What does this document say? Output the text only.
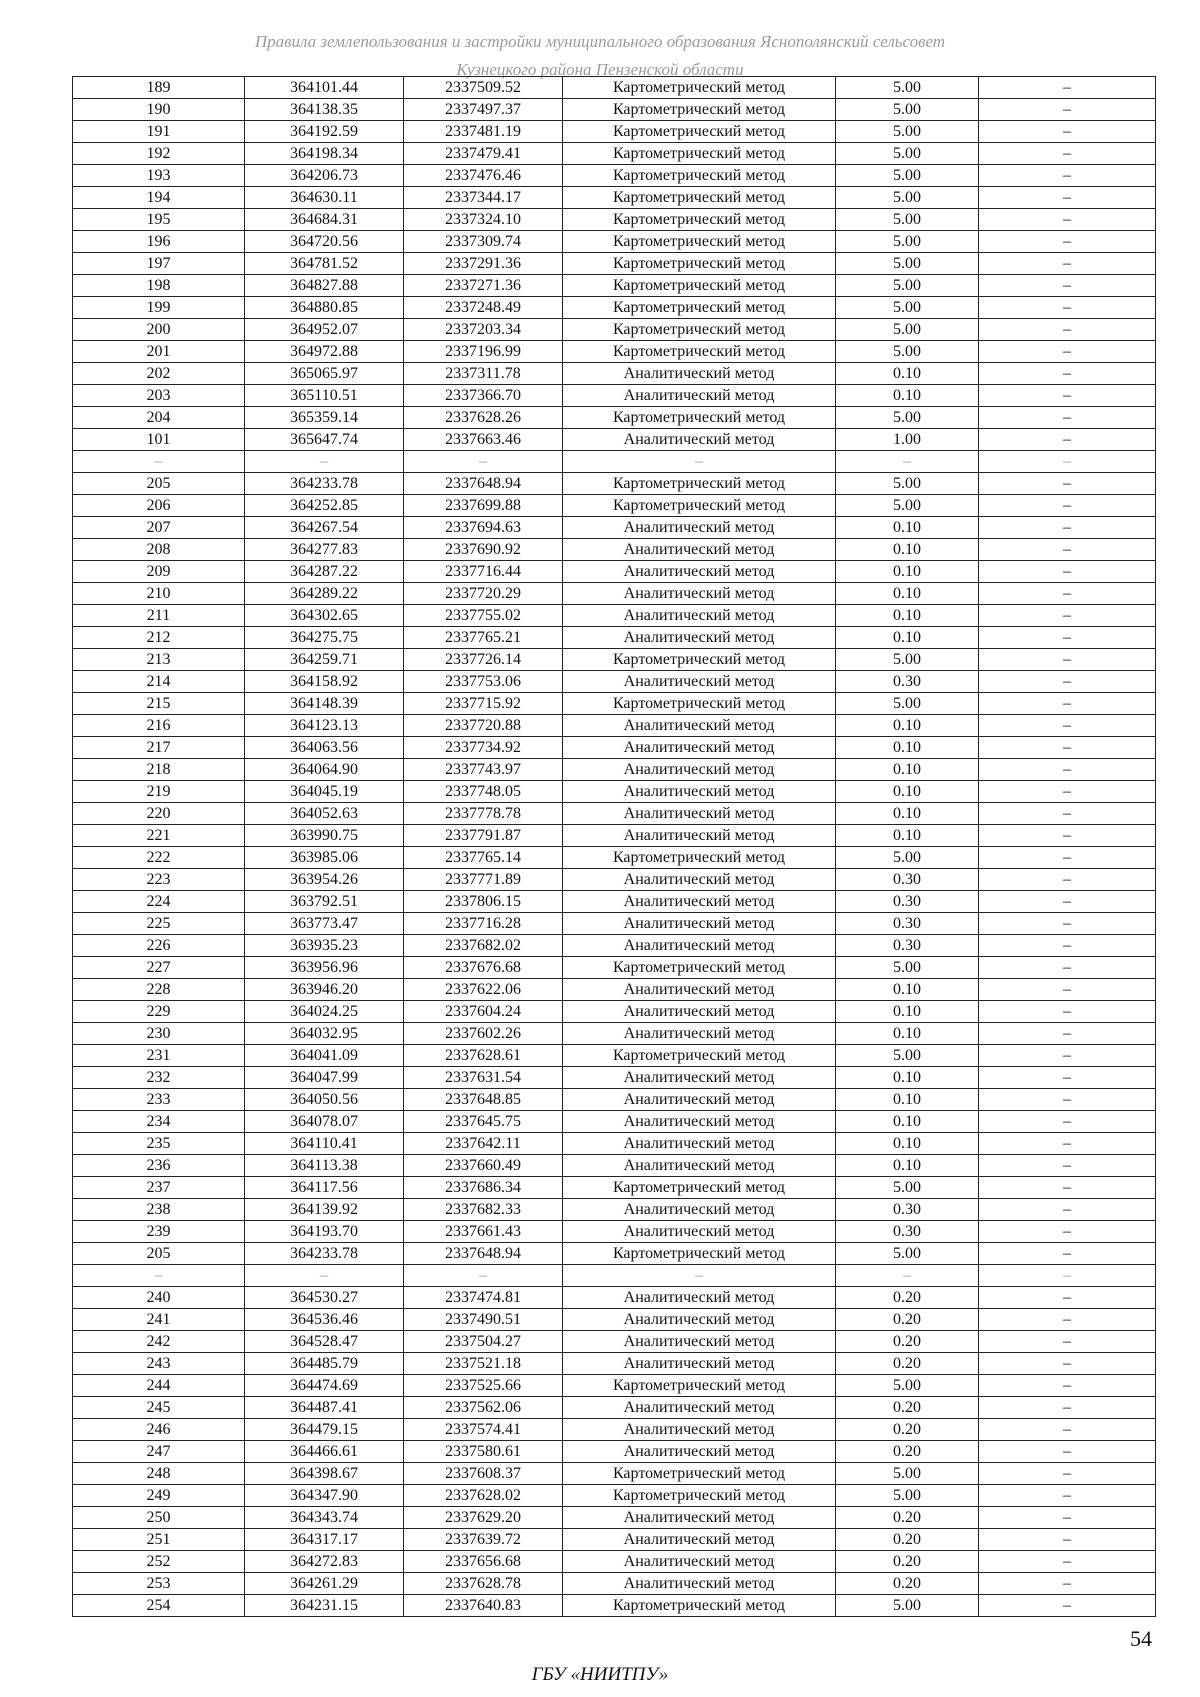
Правила землепользования и застройки муниципального образования Яснополянский сельсовет
Кузнецкого района Пензенской области
189	364101.44	2337509.52	Картометрический метод	5.00	–
190	364138.35	2337497.37	Картометрический метод	5.00	–
191	364192.59	2337481.19	Картометрический метод	5.00	–
192	364198.34	2337479.41	Картометрический метод	5.00	–
193	364206.73	2337476.46	Картометрический метод	5.00	–
194	364630.11	2337344.17	Картометрический метод	5.00	–
195	364684.31	2337324.10	Картометрический метод	5.00	–
196	364720.56	2337309.74	Картометрический метод	5.00	–
197	364781.52	2337291.36	Картометрический метод	5.00	–
198	364827.88	2337271.36	Картометрический метод	5.00	–
199	364880.85	2337248.49	Картометрический метод	5.00	–
200	364952.07	2337203.34	Картометрический метод	5.00	–
201	364972.88	2337196.99	Картометрический метод	5.00	–
202	365065.97	2337311.78	Аналитический метод	0.10	–
203	365110.51	2337366.70	Аналитический метод	0.10	–
204	365359.14	2337628.26	Картометрический метод	5.00	–
101	365647.74	2337663.46	Аналитический метод	1.00	–
–	–	–	–	–	–
205	364233.78	2337648.94	Картометрический метод	5.00	–
206	364252.85	2337699.88	Картометрический метод	5.00	–
207	364267.54	2337694.63	Аналитический метод	0.10	–
208	364277.83	2337690.92	Аналитический метод	0.10	–
209	364287.22	2337716.44	Аналитический метод	0.10	–
210	364289.22	2337720.29	Аналитический метод	0.10	–
211	364302.65	2337755.02	Аналитический метод	0.10	–
212	364275.75	2337765.21	Аналитический метод	0.10	–
213	364259.71	2337726.14	Картометрический метод	5.00	–
214	364158.92	2337753.06	Аналитический метод	0.30	–
215	364148.39	2337715.92	Картометрический метод	5.00	–
216	364123.13	2337720.88	Аналитический метод	0.10	–
217	364063.56	2337734.92	Аналитический метод	0.10	–
218	364064.90	2337743.97	Аналитический метод	0.10	–
219	364045.19	2337748.05	Аналитический метод	0.10	–
220	364052.63	2337778.78	Аналитический метод	0.10	–
221	363990.75	2337791.87	Аналитический метод	0.10	–
222	363985.06	2337765.14	Картометрический метод	5.00	–
223	363954.26	2337771.89	Аналитический метод	0.30	–
224	363792.51	2337806.15	Аналитический метод	0.30	–
225	363773.47	2337716.28	Аналитический метод	0.30	–
226	363935.23	2337682.02	Аналитический метод	0.30	–
227	363956.96	2337676.68	Картометрический метод	5.00	–
228	363946.20	2337622.06	Аналитический метод	0.10	–
229	364024.25	2337604.24	Аналитический метод	0.10	–
230	364032.95	2337602.26	Аналитический метод	0.10	–
231	364041.09	2337628.61	Картометрический метод	5.00	–
232	364047.99	2337631.54	Аналитический метод	0.10	–
233	364050.56	2337648.85	Аналитический метод	0.10	–
234	364078.07	2337645.75	Аналитический метод	0.10	–
235	364110.41	2337642.11	Аналитический метод	0.10	–
236	364113.38	2337660.49	Аналитический метод	0.10	–
237	364117.56	2337686.34	Картометрический метод	5.00	–
238	364139.92	2337682.33	Аналитический метод	0.30	–
239	364193.70	2337661.43	Аналитический метод	0.30	–
205	364233.78	2337648.94	Картометрический метод	5.00	–
–	–	–	–	–	–
240	364530.27	2337474.81	Аналитический метод	0.20	–
241	364536.46	2337490.51	Аналитический метод	0.20	–
242	364528.47	2337504.27	Аналитический метод	0.20	–
243	364485.79	2337521.18	Аналитический метод	0.20	–
244	364474.69	2337525.66	Картометрический метод	5.00	–
245	364487.41	2337562.06	Аналитический метод	0.20	–
246	364479.15	2337574.41	Аналитический метод	0.20	–
247	364466.61	2337580.61	Аналитический метод	0.20	–
248	364398.67	2337608.37	Картометрический метод	5.00	–
249	364347.90	2337628.02	Картометрический метод	5.00	–
250	364343.74	2337629.20	Аналитический метод	0.20	–
251	364317.17	2337639.72	Аналитический метод	0.20	–
252	364272.83	2337656.68	Аналитический метод	0.20	–
253	364261.29	2337628.78	Аналитический метод	0.20	–
254	364231.15	2337640.83	Картометрический метод	5.00	–
54
ГБУ «НИИТПУ»
